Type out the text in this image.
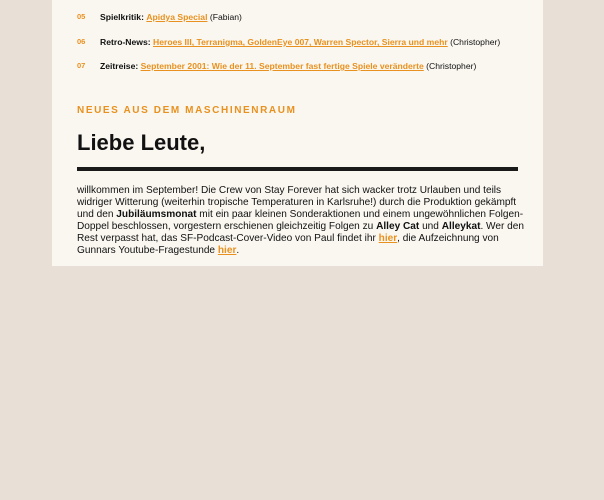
05 Spielkritik: Apidya Special (Fabian)
06 Retro-News: Heroes III, Terranigma, GoldenEye 007, Warren Spector, Sierra und mehr (Christopher)
07 Zeitreise: September 2001: Wie der 11. September fast fertige Spiele veränderte (Christopher)
NEUES AUS DEM MASCHINENRAUM
Liebe Leute,
willkommen im September! Die Crew von Stay Forever hat sich wacker trotz Urlauben und teils widriger Witterung (weiterhin tropische Temperaturen in Karlsruhe!) durch die Produktion gekämpft und den Jubiläumsmonat mit ein paar kleinen Sonderaktionen und einem ungewöhnlichen Folgen-Doppel beschlossen, vorgestern erschienen gleichzeitig Folgen zu Alley Cat und Alleykat. Wer den Rest verpasst hat, das SF-Podcast-Cover-Video von Paul findet ihr hier, die Aufzeichnung von Gunnars Youtube-Fragestunde hier.
